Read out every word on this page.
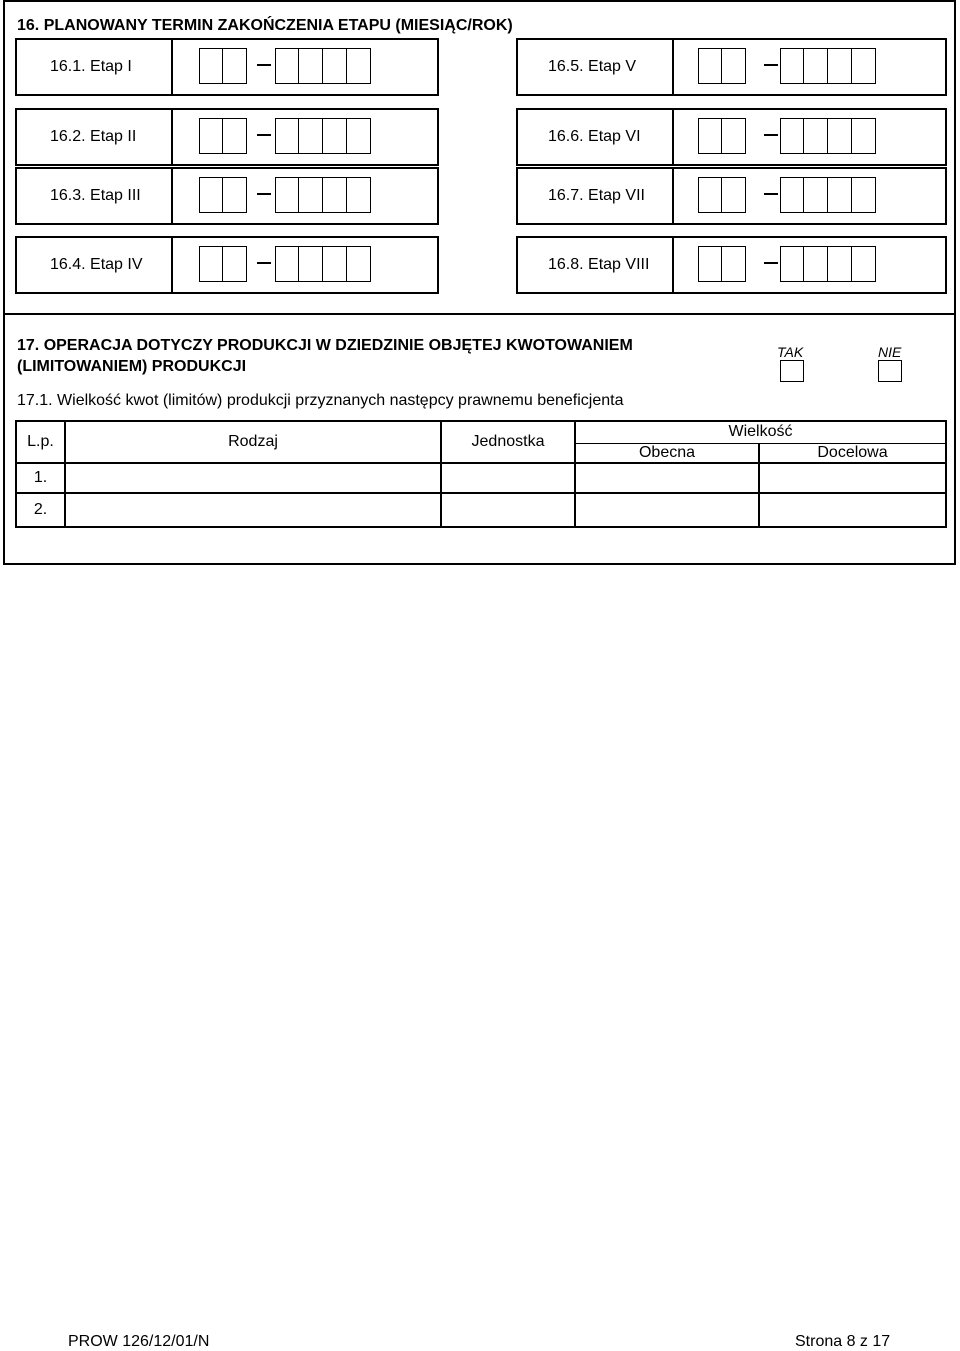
16. PLANOWANY TERMIN ZAKOŃCZENIA ETAPU (MIESIĄC/ROK)
16.1. Etap I
16.2. Etap II
16.3. Etap III
16.4. Etap IV
16.5. Etap V
16.6. Etap VI
16.7. Etap VII
16.8. Etap VIII
17. OPERACJA DOTYCZY PRODUKCJI W DZIEDZINIE OBJĘTEJ KWOTOWANIEM
(LIMITOWANIEM) PRODUKCJI
TAK	NIE
17.1. Wielkość kwot (limitów) produkcji przyznanych następcy prawnemu beneficjenta
L.p.	Rodzaj	Jednostka	Wielkość	
			Obecna	Docelowa
1.				
2.				
PROW 126/12/01/N	Strona 8 z 17
